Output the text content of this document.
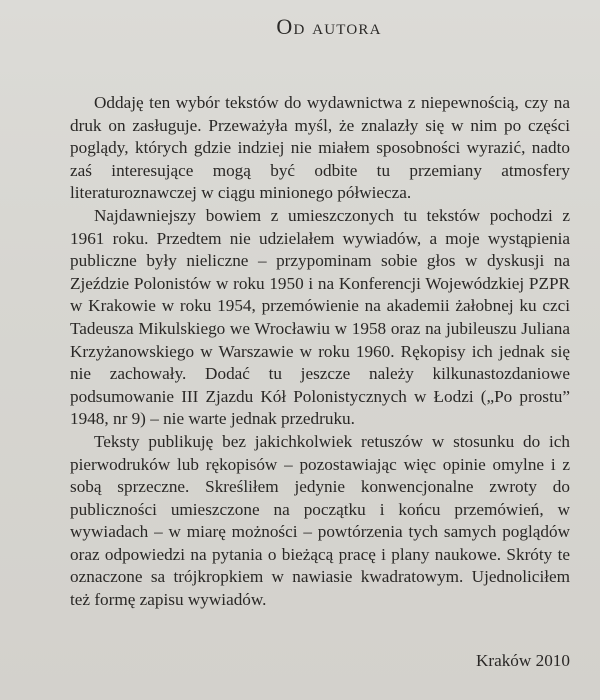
Od autora

Oddaję ten wybór tekstów do wydawnictwa z niepewnością, czy na druk on zasługuje. Przeważyła myśl, że znalazły się w nim po części poglądy, których gdzie indziej nie miałem sposobności wyrazić, nadto zaś interesujące mogą być odbite tu przemiany atmosfery literaturoznawczej w ciągu minionego półwiecza.

Najdawniejszy bowiem z umieszczonych tu tekstów pochodzi z 1961 roku. Przedtem nie udzielałem wywiadów, a moje wystąpienia publiczne były nieliczne – przypominam sobie głos w dyskusji na Zjeździe Polonistów w roku 1950 i na Konferencji Wojewódzkiej PZPR w Krakowie w roku 1954, przemówienie na akademii żałobnej ku czci Tadeusza Mikulskiego we Wrocławiu w 1958 oraz na jubileuszu Juliana Krzyżanowskiego w Warszawie w roku 1960. Rękopisy ich jednak się nie zachowały. Dodać tu jeszcze należy kilkunastozdaniowe podsumowanie III Zjazdu Kół Polonistycznych w Łodzi („Po prostu” 1948, nr 9) – nie warte jednak przedruku.

Teksty publikuję bez jakichkolwiek retuszów w stosunku do ich pierwodruków lub rękopisów – pozostawiając więc opinie omylne i z sobą sprzeczne. Skreśliłem jedynie konwencjonalne zwroty do publiczności umieszczone na początku i końcu przemówień, w wywiadach – w miarę możności – powtórzenia tych samych poglądów oraz odpowiedzi na pytania o bieżącą pracę i plany naukowe. Skróty te oznaczone sa trójkropkiem w nawiasie kwadratowym. Ujednoliciłem też formę zapisu wywiadów.

Kraków 2010
